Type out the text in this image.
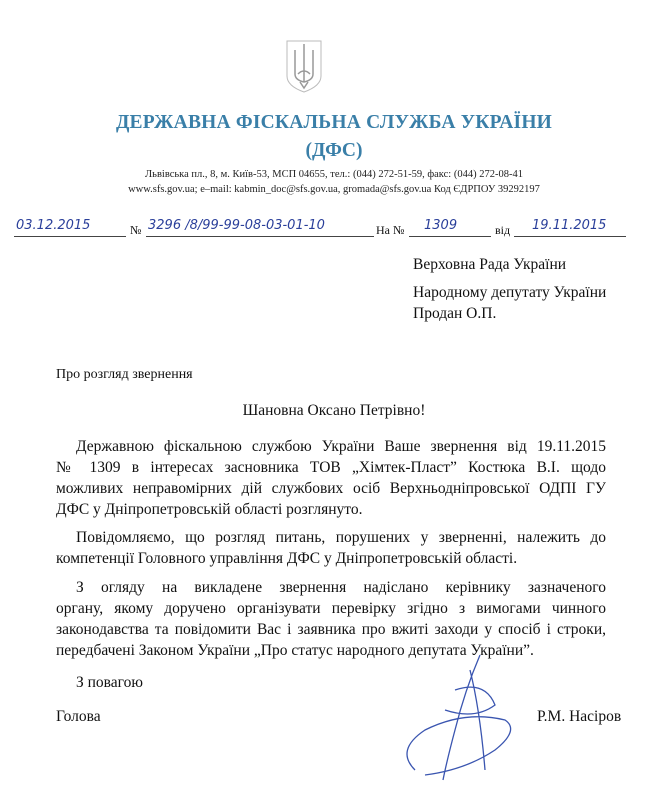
ДЕРЖАВНА ФІСКАЛЬНА СЛУЖБА УКРАЇНИ
(ДФС)
Львівська пл., 8, м. Київ-53, МСП 04655, тел.: (044) 272-51-59, факс: (044) 272-08-41
www.sfs.gov.ua; e–mail: kabmin_doc@sfs.gov.ua, gromada@sfs.gov.ua Код ЄДРПОУ 39292197
03.12.2015	№ 3296 /8/99-99-08-03-01-10	На № 1309	від 19.11.2015
Верховна Рада України
Народному депутату України
Продан О.П.
Про розгляд звернення
Шановна Оксано Петрівно!
Державною фіскальною службою України Ваше звернення від 19.11.2015
№ 1309 в інтересах засновника ТОВ „Хімтек-Пласт” Костюка В.І. щодо
можливих неправомірних дій службових осіб Верхньодніпровської ОДПІ ГУ
ДФС у Дніпропетровській області розглянуто.
Повідомляємо, що розгляд питань, порушених у зверненні, належить до
компетенції Головного управління ДФС у Дніпропетровській області.
З огляду на викладене звернення надіслано керівнику зазначеного
органу, якому доручено організувати перевірку згідно з вимогами чинного
законодавства та повідомити Вас і заявника про вжиті заходи у спосіб і строки,
передбачені Законом України „Про статус народного депутата України”.
З повагою
Голова	Р.М. Насіров
